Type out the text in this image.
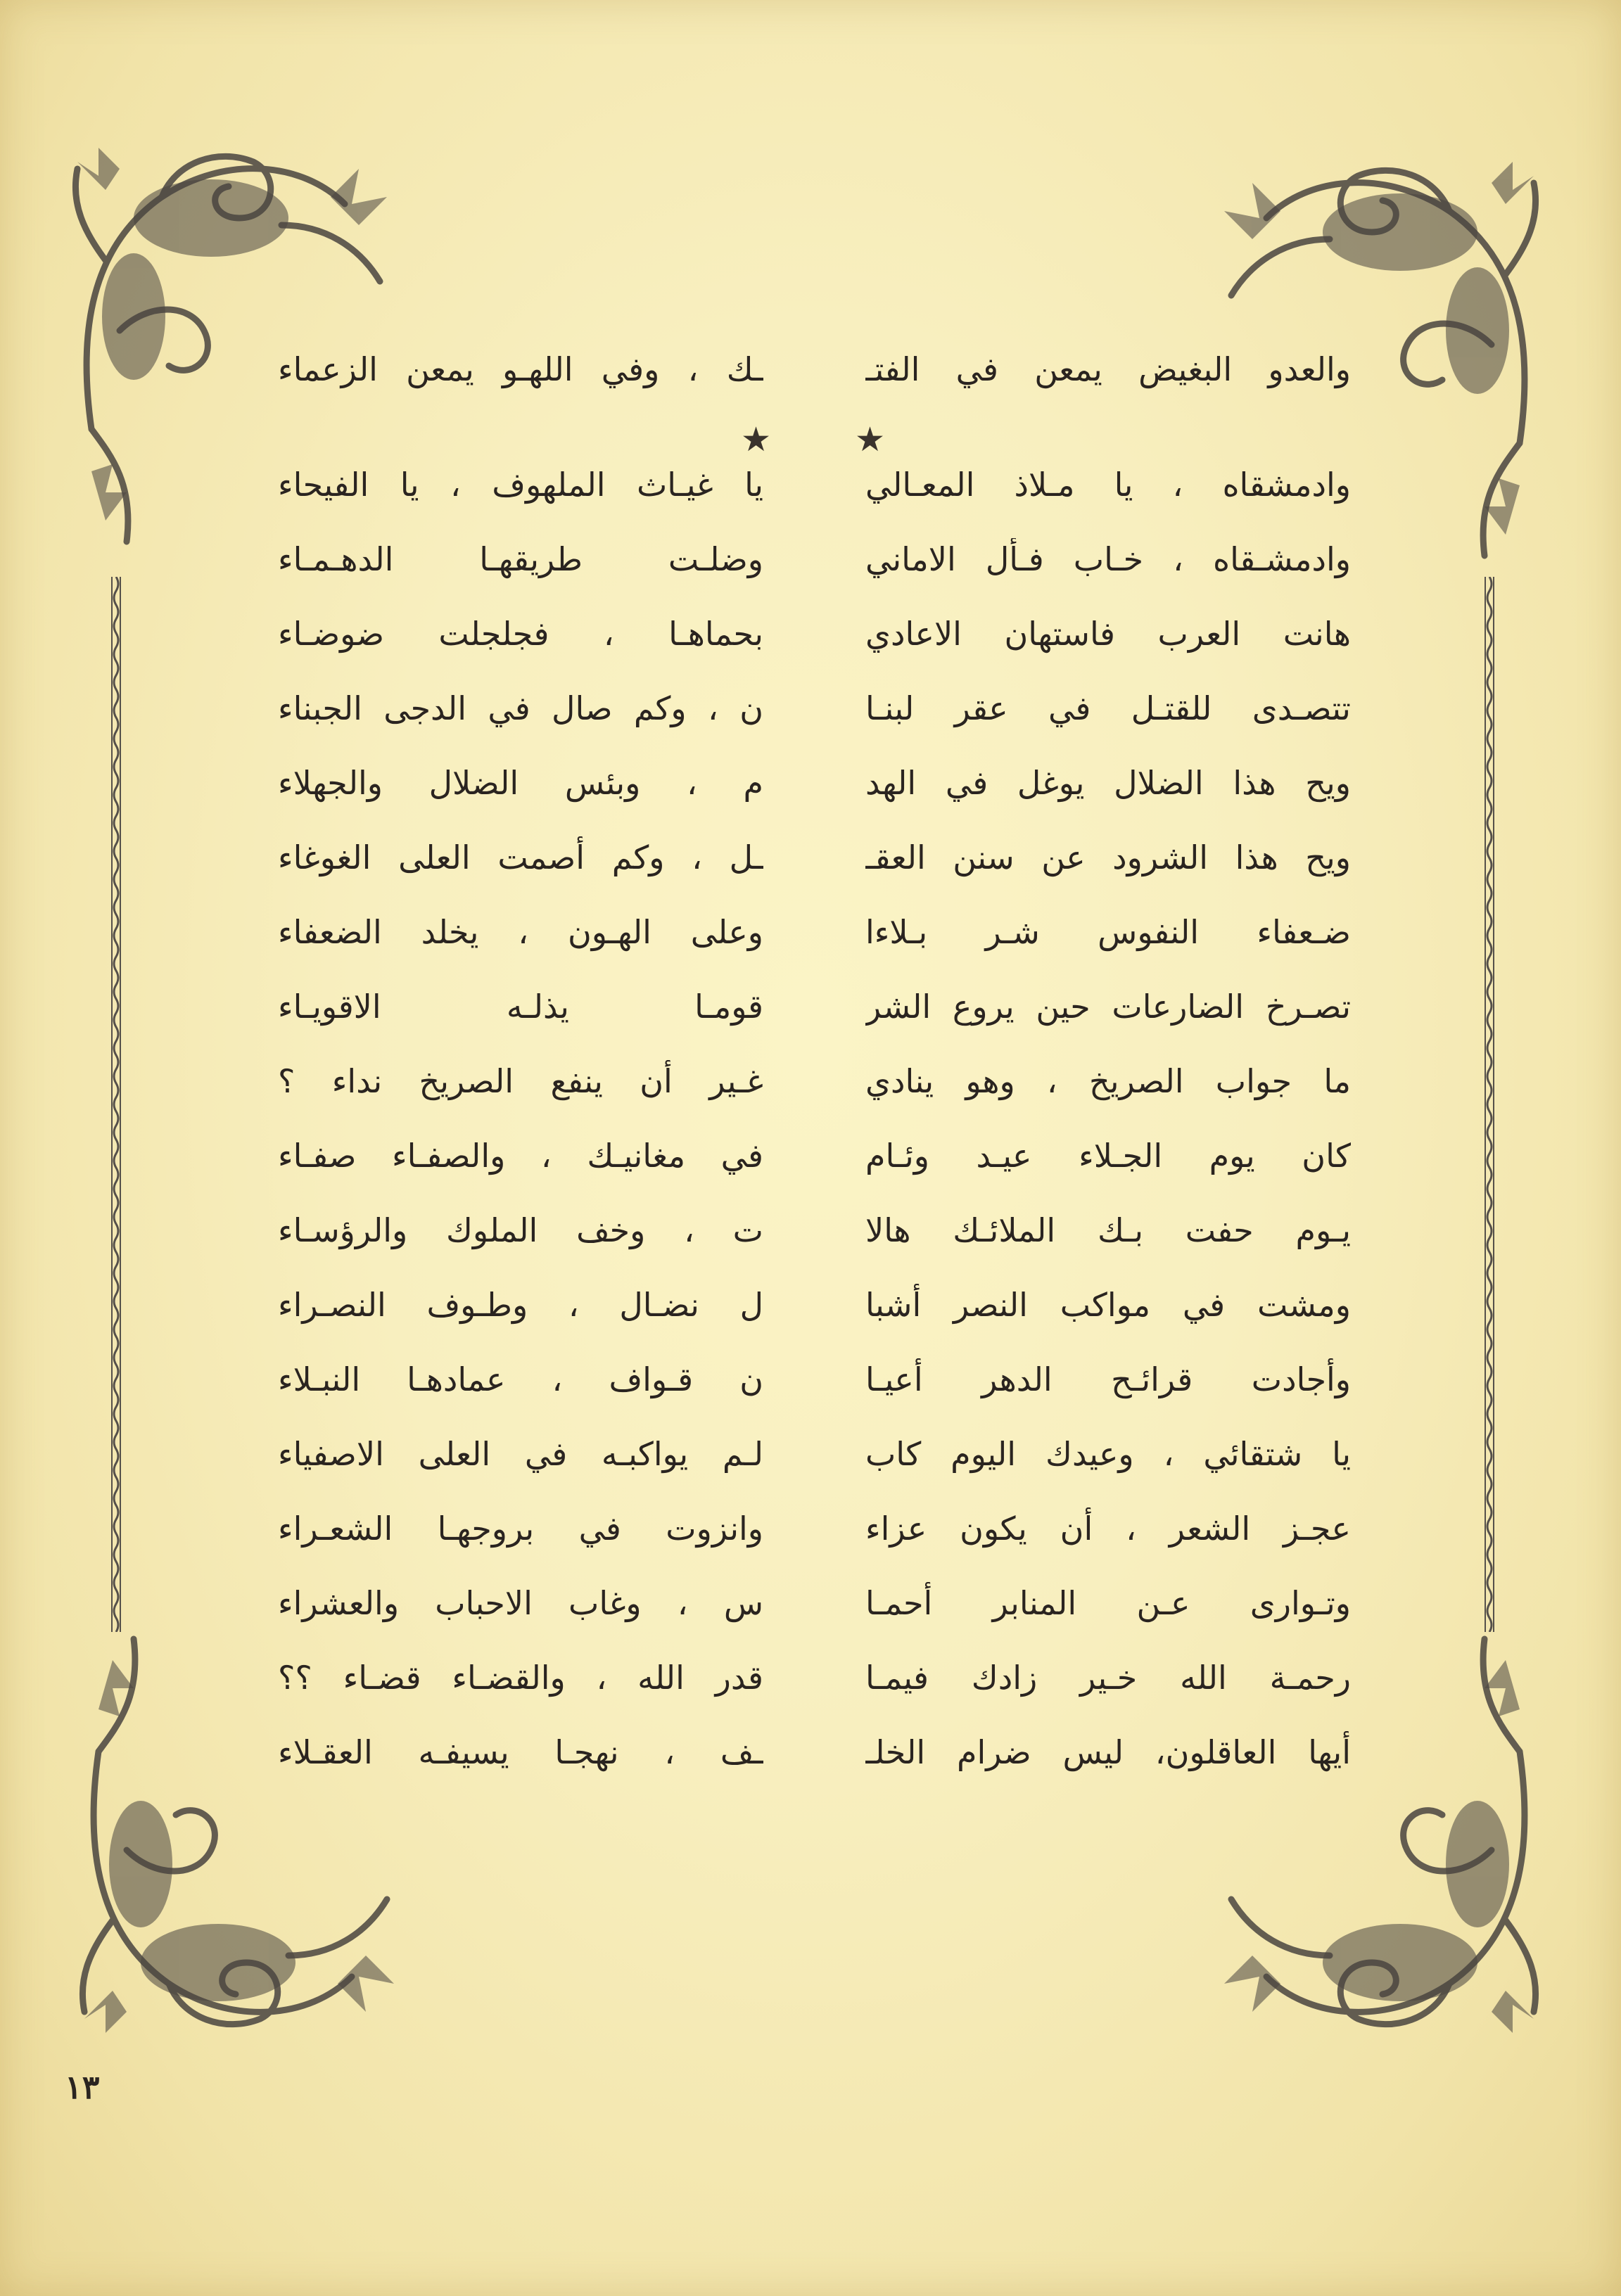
والعدو البغيض يمعن في الفتـ
ـك ، وفي اللهـو يمعن الزعماء
★ ★
وادمشقاه ، يا مـلاذ المعـالي
يا غيـاث الملهوف ، يا الفيحاء
وادمشـقاه ، خـاب فـأل الاماني
وضلـت طريقهـا الدهـمـاء
هانت العرب فاستهان الاعادي
بحماهـا ، فجلجلت ضوضـاء
تتصـدى للقتـل في عقر لبنـا
ن ، وكم صال في الدجى الجبناء
ويح هذا الضلال يوغل في الهد
م ، وبئس الضلال والجهلاء
ويح هذا الشرود عن سنن العقـ
ـل ، وكم أصمت العلى الغوغاء
ضـعفاء النفوس شـر بـلاءا
وعلى الهـون ، يخلد الضعفاء
تصـرخ الضارعات حين يروع الشر
قومـا يذلـه الاقويـاء
ما جواب الصريخ ، وهو ينادي
غـير أن ينفع الصريخ نداء ؟
كان يوم الجـلاء عيـد وئـام
في مغانيـك ، والصفـاء صفـاء
يـوم حفت بـك الملائـك هالا
ت ، وخف الملوك والرؤسـاء
ومشت في مواكب النصر أشبا
ل نضـال ، وطـوف النصـراء
وأجادت قرائـح الدهر أعيـا
ن قـواف ، عمادهـا النبـلاء
يا شتقائي ، وعيدك اليوم كاب
لـم يواكبـه في العلى الاصفياء
عجـز الشعر ، أن يكون عزاء
وانزوت في بروجهـا الشعـراء
وتـوارى عـن المنابر أحمـا
س ، وغاب الاحباب والعشراء
رحمـة الله خـير زادك فيمـا
قدر الله ، والقضـاء قضـاء ؟؟
أيها العاقلون، ليس ضرام الخلـ
ـف ، نهجـا يسيفـه العقـلاء
١٣
